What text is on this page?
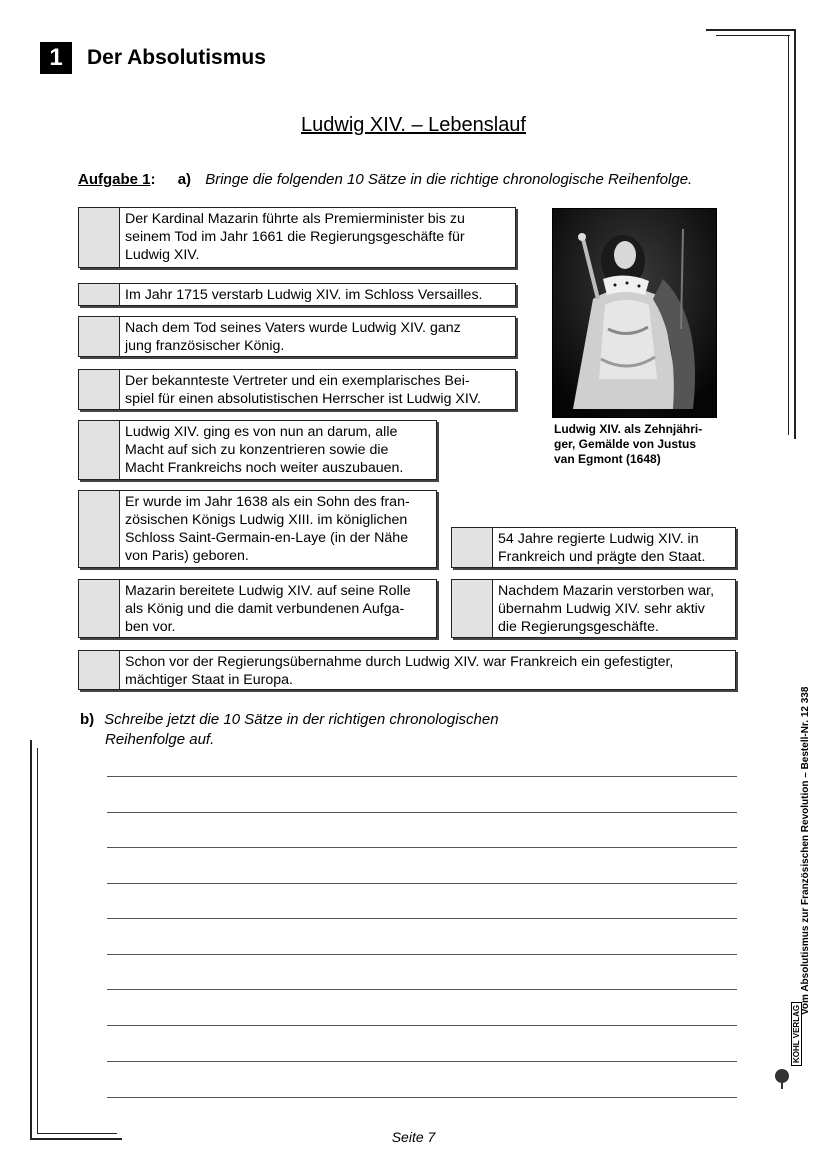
1	Der Absolutismus
Ludwig XIV. – Lebenslauf
Aufgabe 1: a) Bringe die folgenden 10 Sätze in die richtige chronologische Reihenfolge.
Der Kardinal Mazarin führte als Premierminister bis zu
seinem Tod im Jahr 1661 die Regierungsgeschäfte für
Ludwig XIV.
Im Jahr 1715 verstarb Ludwig XIV. im Schloss Versailles.
Nach dem Tod seines Vaters wurde Ludwig XIV. ganz
jung französischer König.
Der bekannteste Vertreter und ein exemplarisches Bei-
spiel für einen absolutistischen Herrscher ist Ludwig XIV.
Ludwig XIV. ging es von nun an darum, alle
Macht auf sich zu konzentrieren sowie die
Macht Frankreichs noch weiter auszubauen.
Er wurde im Jahr 1638 als ein Sohn des fran-
zösischen Königs Ludwig XIII. im königlichen
Schloss Saint-Germain-en-Laye (in der Nähe
von Paris) geboren.
54 Jahre regierte Ludwig XIV. in
Frankreich und prägte den Staat.
Mazarin bereitete Ludwig XIV. auf seine Rolle
als König und die damit verbundenen Aufga-
ben vor.
Nachdem Mazarin verstorben war,
übernahm Ludwig XIV. sehr aktiv
die Regierungsgeschäfte.
Schon vor der Regierungsübernahme durch Ludwig XIV. war Frankreich ein gefestigter,
mächtiger Staat in Europa.
Ludwig XIV. als Zehnjähri-
ger, Gemälde von Justus
van Egmont (1648)
b) Schreibe jetzt die 10 Sätze in der richtigen chronologischen
Reihenfolge auf.	Vom Absolutismus zur Französischen Revolution – Bestell-Nr. 12 338
KOHL VERLAG
Seite 7
